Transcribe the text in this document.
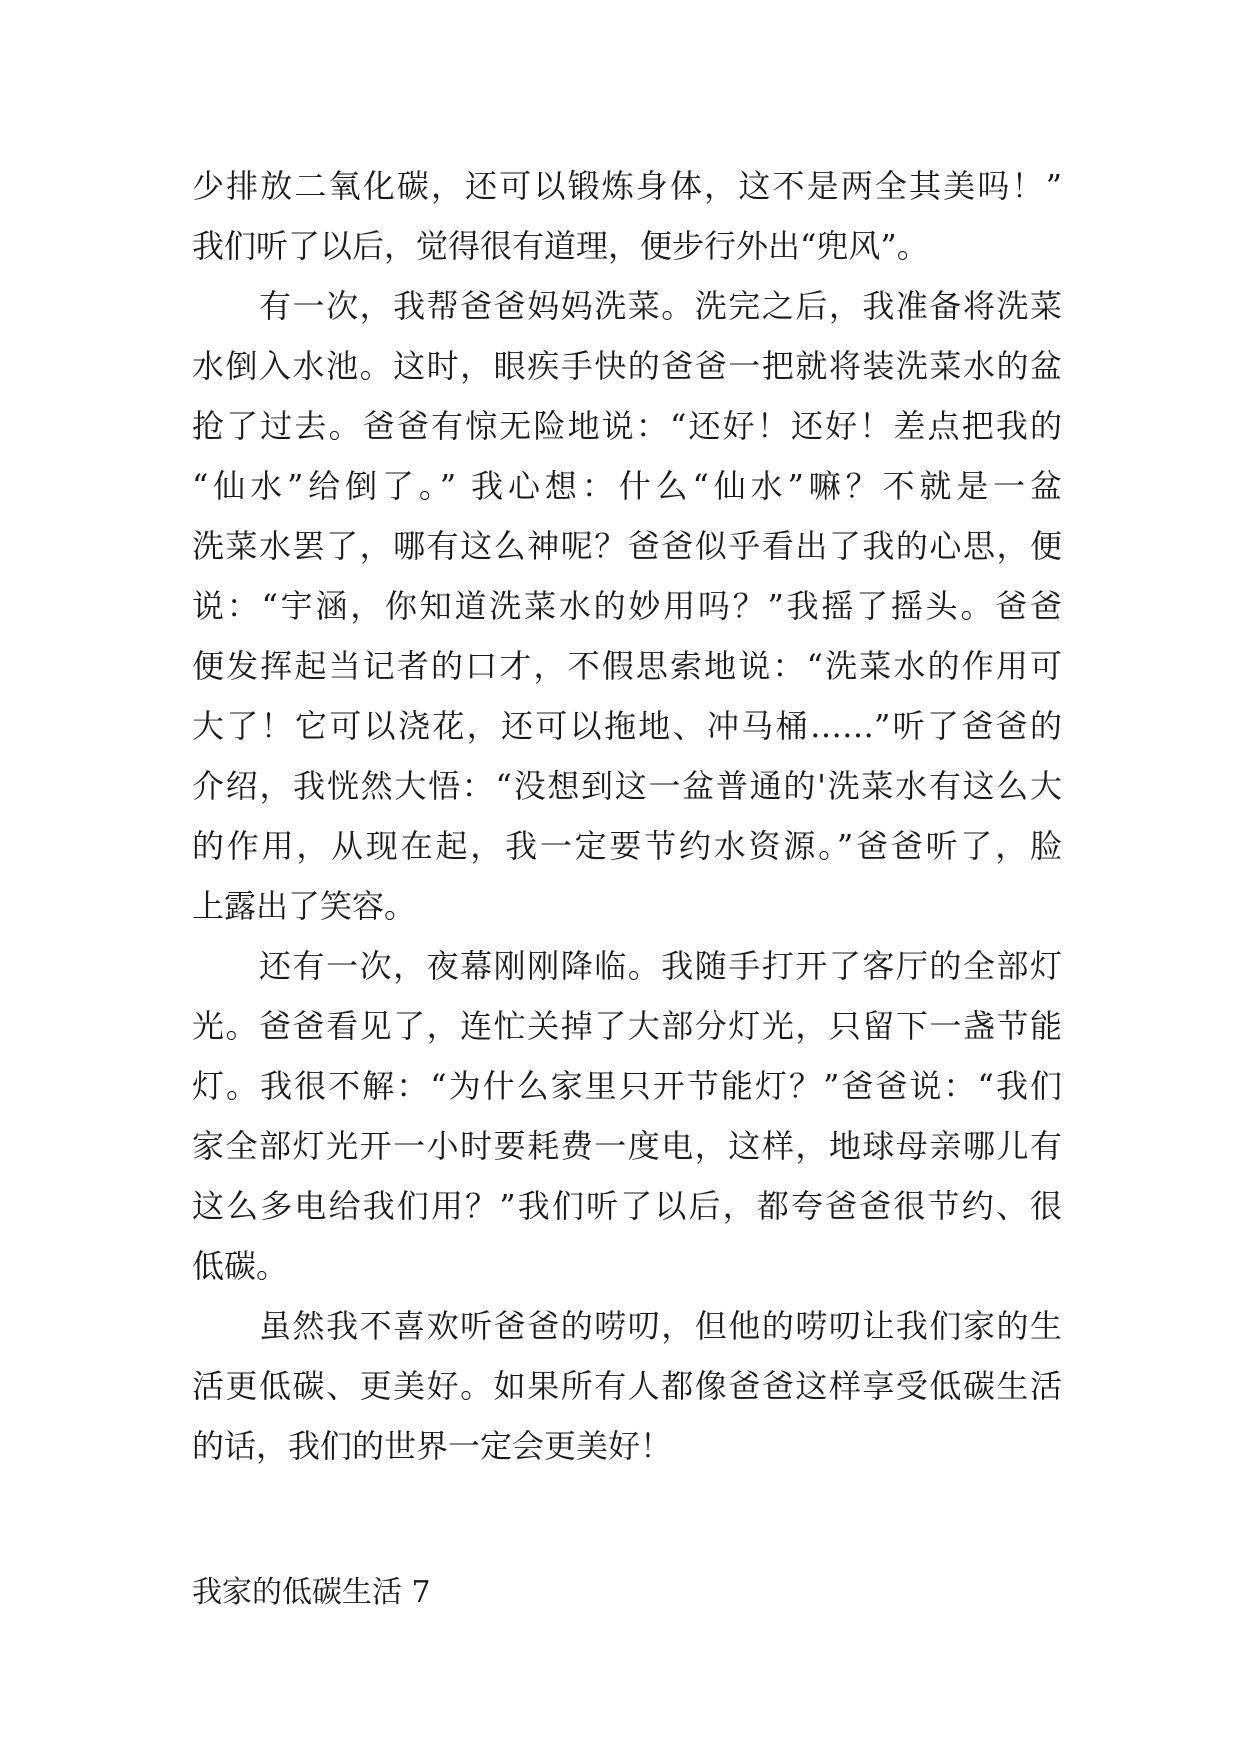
少排放二氧化碳，还可以锻炼身体，这不是两全其美吗！”
我们听了以后，觉得很有道理，便步行外出“兜风”。
　　有一次，我帮爸爸妈妈洗菜。洗完之后，我准备将洗菜
水倒入水池。这时，眼疾手快的爸爸一把就将装洗菜水的盆
抢了过去。爸爸有惊无险地说：“还好！还好！差点把我的
“仙水”给倒了。” 我心想：什么“仙水”嘛？不就是一盆
洗菜水罢了，哪有这么神呢？爸爸似乎看出了我的心思，便
说：“宇涵，你知道洗菜水的妙用吗？”我摇了摇头。爸爸
便发挥起当记者的口才，不假思索地说：“洗菜水的作用可
大了！它可以浇花，还可以拖地、冲马桶……”听了爸爸的
介绍，我恍然大悟：“没想到这一盆普通的'洗菜水有这么大
的作用，从现在起，我一定要节约水资源。”爸爸听了，脸
上露出了笑容。
　　还有一次，夜幕刚刚降临。我随手打开了客厅的全部灯
光。爸爸看见了，连忙关掉了大部分灯光，只留下一盏节能
灯。我很不解：“为什么家里只开节能灯？”爸爸说：“我们
家全部灯光开一小时要耗费一度电，这样，地球母亲哪儿有
这么多电给我们用？”我们听了以后，都夸爸爸很节约、很
低碳。
　　虽然我不喜欢听爸爸的唠叨，但他的唠叨让我们家的生
活更低碳、更美好。如果所有人都像爸爸这样享受低碳生活
的话，我们的世界一定会更美好！
我家的低碳生活 7
